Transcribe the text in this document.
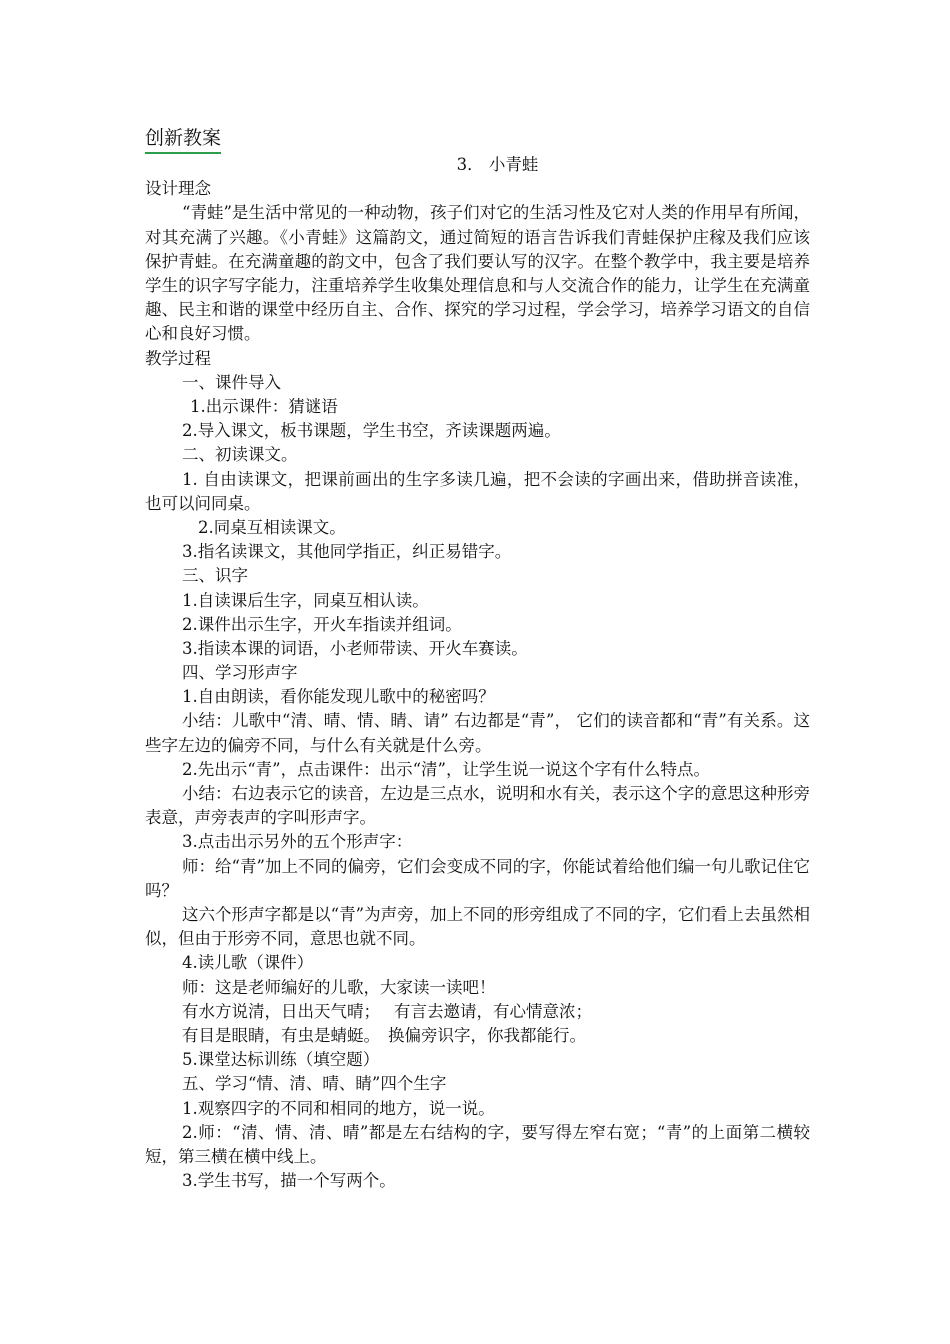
创新教案
3． 小青蛙
设计理念
“青蛙”是生活中常见的一种动物，孩子们对它的生活习性及它对人类的作用早有所闻，对其充满了兴趣。《小青蛙》这篇韵文，通过简短的语言告诉我们青蛙保护庄稼及我们应该保护青蛙。在充满童趣的韵文中，包含了我们要认写的汉字。在整个教学中，我主要是培养学生的识字写字能力，注重培养学生收集处理信息和与人交流合作的能力，让学生在充满童趣、民主和谐的课堂中经历自主、合作、探究的学习过程，学会学习，培养学习语文的自信心和良好习惯。
教学过程
一、课件导入
1.出示课件：猜谜语
2.导入课文，板书课题，学生书空，齐读课题两遍。
二、初读课文。
1. 自由读课文，把课前画出的生字多读几遍，把不会读的字画出来，借助拼音读准，也可以问同桌。
2.同桌互相读课文。
3.指名读课文，其他同学指正，纠正易错字。
三、识字
1.自读课后生字，同桌互相认读。
2.课件出示生字，开火车指读并组词。
3.指读本课的词语，小老师带读、开火车赛读。
四、学习形声字
1.自由朗读，看你能发现儿歌中的秘密吗？
小结：儿歌中“清、晴、情、睛、请” 右边都是“青”， 它们的读音都和“青”有关系。这些字左边的偏旁不同，与什么有关就是什么旁。
2.先出示“青”，点击课件：出示“清”，让学生说一说这个字有什么特点。
小结：右边表示它的读音，左边是三点水，说明和水有关，表示这个字的意思这种形旁表意，声旁表声的字叫形声字。
3.点击出示另外的五个形声字：
师：给“青”加上不同的偏旁，它们会变成不同的字，你能试着给他们编一句儿歌记住它吗？
这六个形声字都是以“青”为声旁，加上不同的形旁组成了不同的字，它们看上去虽然相似，但由于形旁不同，意思也就不同。
4.读儿歌（课件）
师：这是老师编好的儿歌，大家读一读吧！
有水方说清，日出天气晴； 有言去邀请，有心情意浓；
有目是眼睛，有虫是蜻蜓。 换偏旁识字，你我都能行。
5.课堂达标训练（填空题）
五、学习“情、清、晴、睛”四个生字
1.观察四字的不同和相同的地方，说一说。
2.师：“清、情、清、晴”都是左右结构的字，要写得左窄右宽；“青”的上面第二横较短，第三横在横中线上。
3.学生书写，描一个写两个。
